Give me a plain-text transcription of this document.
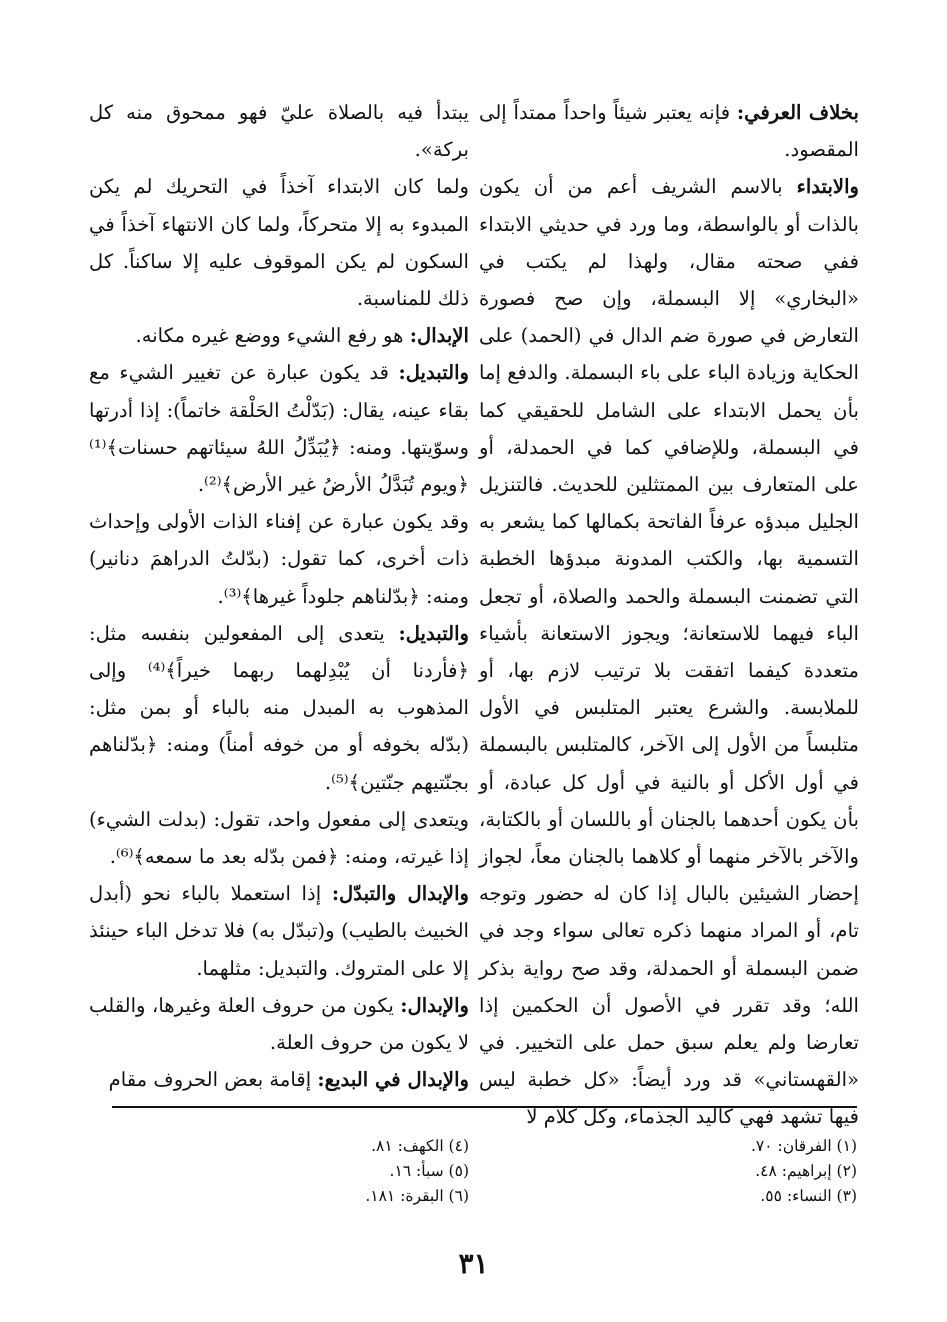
بخلاف العرفي: فإنه يعتبر شيئاً واحداً ممتداً إلى المقصود.

والابتداء بالاسم الشريف أعم من أن يكون بالذات أو بالواسطة، وما ورد في حديثي الابتداء ففي صحته مقال، ولهذا لم يكتب في «البخاري» إلا البسملة، وإن صح فصورة التعارض في صورة ضم الدال في (الحمد) على الحكاية وزيادة الباء على باء البسملة. والدفع إما بأن يحمل الابتداء على الشامل للحقيقي كما في البسملة، وللإضافي كما في الحمدلة، أو على المتعارف بين الممتثلين للحديث. فالتنزيل الجليل مبدؤه عرفاً الفاتحة بكمالها كما يشعر به التسمية بها، والكتب المدونة مبدؤها الخطبة التي تضمنت البسملة والحمد والصلاة، أو تجعل الباء فيهما للاستعانة؛ ويجوز الاستعانة بأشياء متعددة كيفما اتفقت بلا ترتيب لازم بها، أو للملابسة. والشرع يعتبر المتلبس في الأول متلبساً من الأول إلى الآخر، كالمتلبس بالبسملة في أول الأكل أو بالنية في أول كل عبادة، أو بأن يكون أحدهما بالجنان أو باللسان أو بالكتابة، والآخر بالآخر منهما أو كلاهما بالجنان معاً، لجواز إحضار الشيئين بالبال إذا كان له حضور وتوجه تام، أو المراد منهما ذكره تعالى سواء وجد في ضمن البسملة أو الحمدلة، وقد صح رواية بذكر الله؛ وقد تقرر في الأصول أن الحكمين إذا تعارضا ولم يعلم سبق حمل على التخيير. في «القهستاني» قد ورد أيضاً: «كل خطبة ليس فيها تشهد فهي كاليد الجذماء، وكل كلام لا

يبتدأ فيه بالصلاة عليّ فهو ممحوق منه كل بركة».

ولما كان الابتداء آخذاً في التحريك لم يكن المبدوء به إلا متحركاً، ولما كان الانتهاء آخذاً في السكون لم يكن الموقوف عليه إلا ساكناً. كل ذلك للمناسبة.

الإبدال: هو رفع الشيء ووضع غيره مكانه.

والتبديل: قد يكون عبارة عن تغيير الشيء مع بقاء عينه، يقال: (بَدّلْتُ الحَلْقة خاتماً): إذا أدرتها وسوّيتها. ومنه: ﴿يُبَدِّلُ اللهُ سيئاتهم حسنات﴾⁽¹⁾ ﴿ويوم تُبَدَّلُ الأرضُ غير الأرض﴾⁽²⁾.

وقد يكون عبارة عن إفناء الذات الأولى وإحداث ذات أخرى، كما تقول: (بدّلتُ الدراهمَ دنانير) ومنه: ﴿بدّلناهم جلوداً غيرها﴾⁽³⁾.

والتبديل: يتعدى إلى المفعولين بنفسه مثل: ﴿فأردنا أن يُبْدِلهما ربهما خيراً﴾⁽⁴⁾ وإلى المذهوب به المبدل منه بالباء أو بمن مثل: (بدّله بخوفه أو من خوفه أمناً) ومنه: ﴿بدّلناهم بجنّتيهم جنّتين﴾⁽⁵⁾.

ويتعدى إلى مفعول واحد، تقول: (بدلت الشيء) إذا غيرته، ومنه: ﴿فمن بدّله بعد ما سمعه﴾⁽⁶⁾.

والإبدال والتبدّل: إذا استعملا بالباء نحو (أبدل الخبيث بالطيب) و(تبدّل به) فلا تدخل الباء حينئذ إلا على المتروك. والتبديل: مثلهما.

والإبدال: يكون من حروف العلة وغيرها، والقلب لا يكون من حروف العلة.

والإبدال في البديع: إقامة بعض الحروف مقام

(١) الفرقان: ٧٠.
(٢) إبراهيم: ٤٨.
(٣) النساء: ٥٥.
(٤) الكهف: ٨١.
(٥) سبأ: ١٦.
(٦) البقرة: ١٨١.
٣١
